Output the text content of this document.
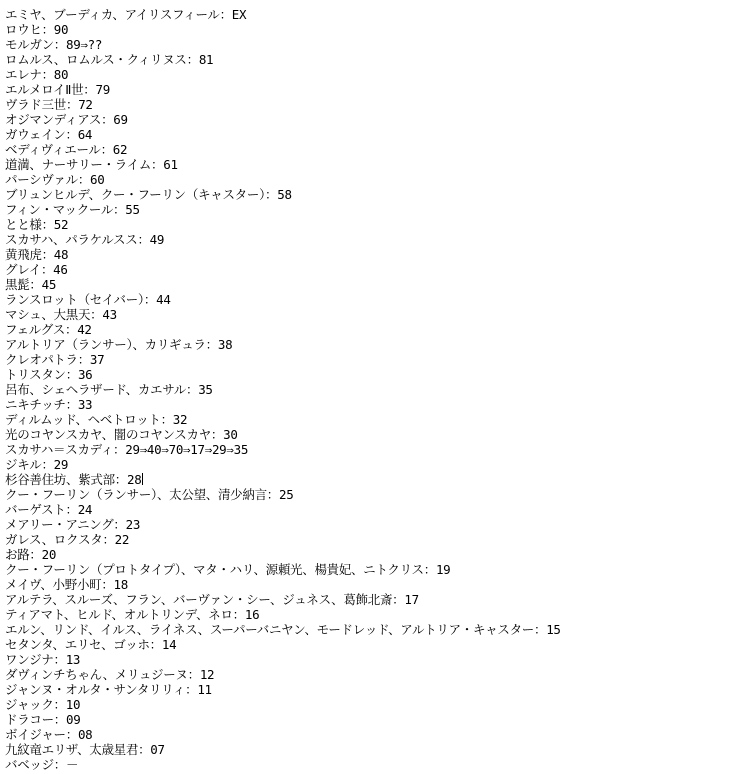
エミヤ、ブーディカ、アイリスフィール：EX
ロウヒ：90
モルガン：89⇒??
ロムルス、ロムルス・クィリヌス：81
エレナ：80
エルメロイⅡ世：79
ヴラド三世：72
オジマンディアス：69
ガウェイン：64
ベディヴィエール：62
道満、ナーサリー・ライム：61
パーシヴァル：60
ブリュンヒルデ、クー・フーリン（キャスター）：58
フィン・マックール：55
とと様：52
スカサハ、パラケルスス：49
黄飛虎：48
グレイ：46
黒髭：45
ランスロット（セイバー）：44
マシュ、大黒天：43
フェルグス：42
アルトリア（ランサー）、カリギュラ：38
クレオパトラ：37
トリスタン：36
呂布、シェヘラザード、カエサル：35
ニキチッチ：33
ディルムッド、ヘベトロット：32
光のコヤンスカヤ、闇のコヤンスカヤ：30
スカサハ＝スカディ：29⇒40⇒70⇒17⇒29⇒35
ジキル：29
杉谷善住坊、紫式部：28
クー・フーリン（ランサー）、太公望、清少納言：25
バーゲスト：24
メアリー・アニング：23
ガレス、ロクスタ：22
お路：20
クー・フーリン（プロトタイプ）、マタ・ハリ、源頼光、楊貴妃、ニトクリス：19
メイヴ、小野小町：18
アルテラ、スルーズ、フラン、バーヴァン・シー、ジュネス、葛飾北斎：17
ティアマト、ヒルド、オルトリンデ、ネロ：16
エルン、リンド、イルス、ライネス、スーパーバニヤン、モードレッド、アルトリア・キャスター：15
セタンタ、エリセ、ゴッホ：14
ワンジナ：13
ダヴィンチちゃん、メリュジーヌ：12
ジャンヌ・オルタ・サンタリリィ：11
ジャック：10
ドラコー：09
ボイジャー：08
九紋竜エリザ、太歳星君：07
バベッジ：－
